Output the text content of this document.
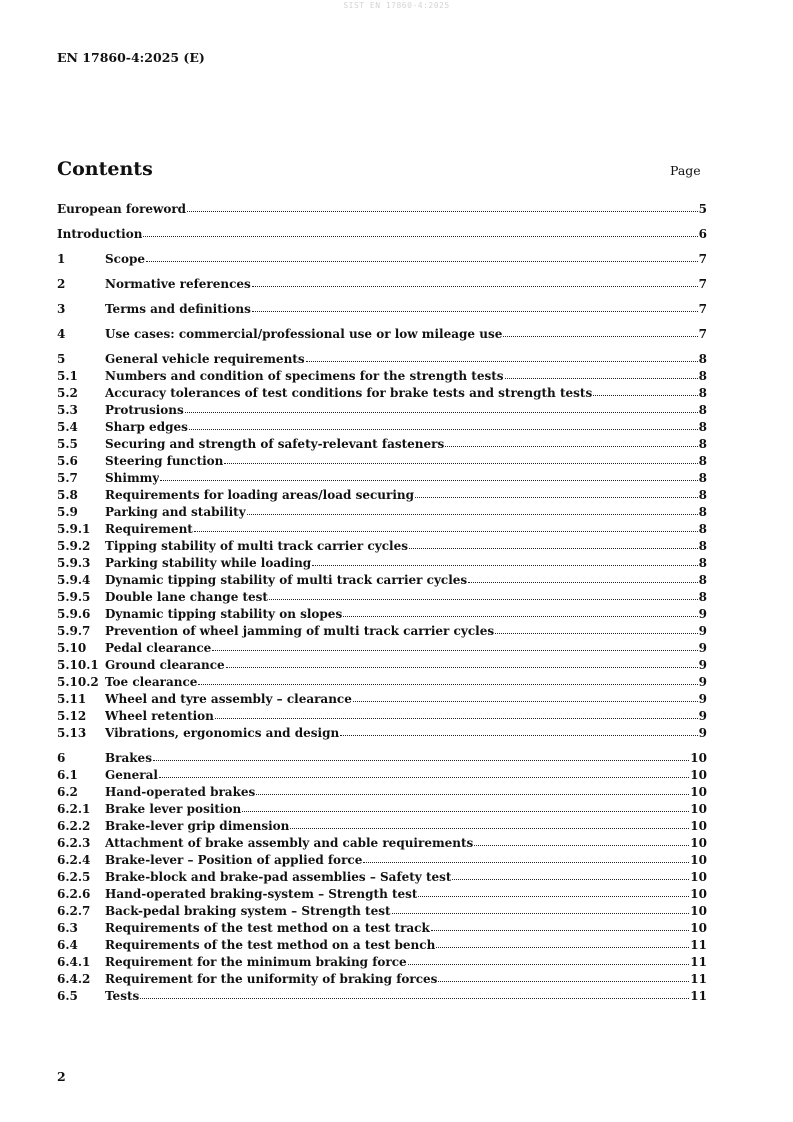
SIST EN 17860-4:2025
EN 17860-4:2025 (E)
Contents	Page
European foreword	5
Introduction	6
1	Scope	7
2	Normative references	7
3	Terms and definitions	7
4	Use cases: commercial/professional use or low mileage use	7
5	General vehicle requirements	8
5.1	Numbers and condition of specimens for the strength tests	8
5.2	Accuracy tolerances of test conditions for brake tests and strength tests	8
5.3	Protrusions	8
5.4	Sharp edges	8
5.5	Securing and strength of safety-relevant fasteners	8
5.6	Steering function	8
5.7	Shimmy	8
5.8	Requirements for loading areas/load securing	8
5.9	Parking and stability	8
5.9.1	Requirement	8
5.9.2	Tipping stability of multi track carrier cycles	8
5.9.3	Parking stability while loading	8
5.9.4	Dynamic tipping stability of multi track carrier cycles	8
5.9.5	Double lane change test	8
5.9.6	Dynamic tipping stability on slopes	9
5.9.7	Prevention of wheel jamming of multi track carrier cycles	9
5.10	Pedal clearance	9
5.10.1 Ground clearance	9
5.10.2 Toe clearance	9
5.11	Wheel and tyre assembly – clearance	9
5.12	Wheel retention	9
5.13	Vibrations, ergonomics and design	9
6	Brakes	10
6.1	General	10
6.2	Hand-operated brakes	10
6.2.1	Brake lever position	10
6.2.2	Brake-lever grip dimension	10
6.2.3	Attachment of brake assembly and cable requirements	10
6.2.4	Brake-lever – Position of applied force	10
6.2.5	Brake-block and brake-pad assemblies – Safety test	10
6.2.6	Hand-operated braking-system – Strength test	10
6.2.7	Back-pedal braking system – Strength test	10
6.3	Requirements of the test method on a test track	10
6.4	Requirements of the test method on a test bench	11
6.4.1	Requirement for the minimum braking force	11
6.4.2	Requirement for the uniformity of braking forces	11
6.5	Tests	11
2
